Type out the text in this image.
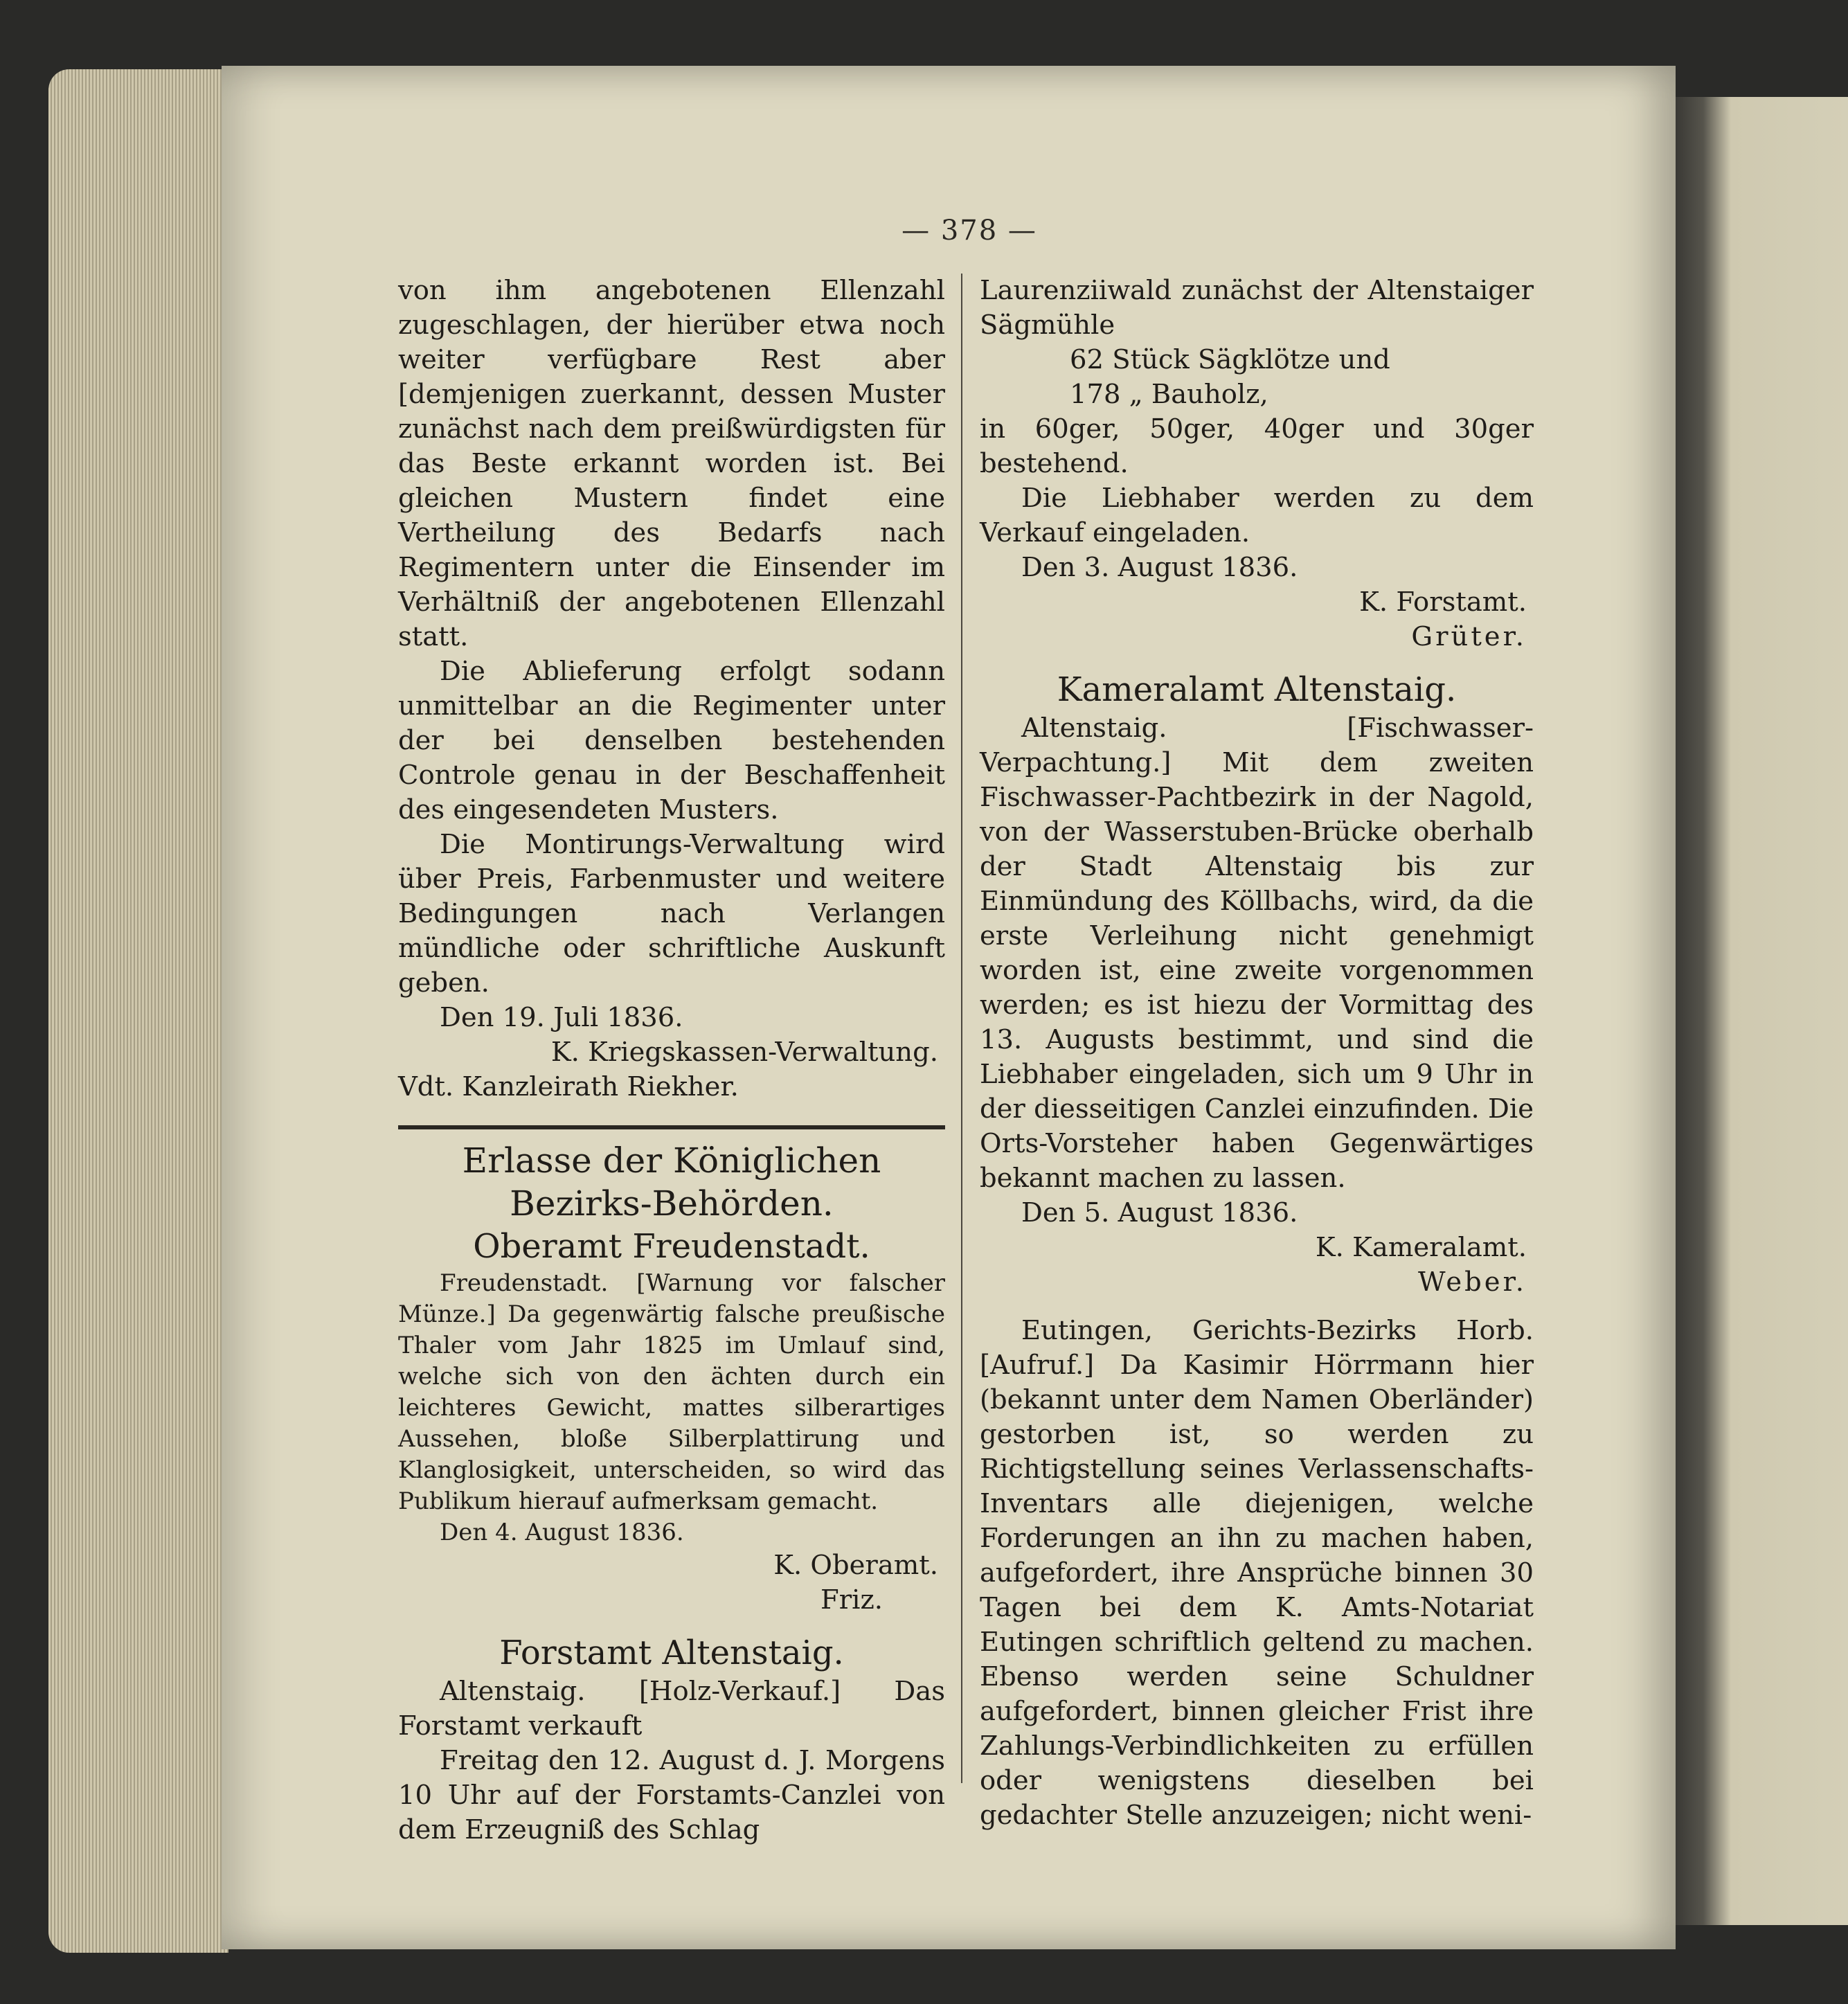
— 378 —

von ihm angebotenen Ellenzahl zugeschlagen, der hierüber etwa noch weiter verfügbare Rest aber [demjenigen zuerkannt, dessen Muster zunächst nach dem preißwürdigsten für das Beste erkannt worden ist. Bei gleichen Mustern findet eine Vertheilung des Bedarfs nach Regimentern unter die Einsender im Verhältniß der angebotenen Ellenzahl statt.

Die Ablieferung erfolgt sodann unmittelbar an die Regimenter unter der bei denselben bestehenden Controle genau in der Beschaffenheit des eingesendeten Musters.

Die Montirungs-Verwaltung wird über Preis, Farbenmuster und weitere Bedingungen nach Verlangen mündliche oder schriftliche Auskunft geben.

Den 19. Juli 1836.

K. Kriegskassen-Verwaltung.

Vdt. Kanzleirath Riekher.

Erlasse der Königlichen Bezirks-Behörden.

Oberamt Freudenstadt.

Freudenstadt. [Warnung vor falscher Münze.] Da gegenwärtig falsche preußische Thaler vom Jahr 1825 im Umlauf sind, welche sich von den ächten durch ein leichteres Gewicht, mattes silberartiges Aussehen, bloße Silberplattirung und Klanglosigkeit, unterscheiden, so wird das Publikum hierauf aufmerksam gemacht.

Den 4. August 1836.

K. Oberamt.

Friz.

Forstamt Altenstaig.

Altenstaig. [Holz-Verkauf.] Das Forstamt verkauft

Freitag den 12. August d. J. Morgens 10 Uhr auf der Forstamts-Canzlei von dem Erzeugniß des Schlag

Laurenziiwald zunächst der Altenstaiger Sägmühle

62 Stück Sägklötze und

178 „ Bauholz,

in 60ger, 50ger, 40ger und 30ger bestehend.

Die Liebhaber werden zu dem Verkauf eingeladen.

Den 3. August 1836.

K. Forstamt.

Grüter.

Kameralamt Altenstaig.

Altenstaig. [Fischwasser-Verpachtung.] Mit dem zweiten Fischwasser-Pachtbezirk in der Nagold, von der Wasserstuben-Brücke oberhalb der Stadt Altenstaig bis zur Einmündung des Köllbachs, wird, da die erste Verleihung nicht genehmigt worden ist, eine zweite vorgenommen werden; es ist hiezu der Vormittag des 13. Augusts bestimmt, und sind die Liebhaber eingeladen, sich um 9 Uhr in der diesseitigen Canzlei einzufinden. Die Orts-Vorsteher haben Gegenwärtiges bekannt machen zu lassen.

Den 5. August 1836.

K. Kameralamt.

Weber.

Eutingen, Gerichts-Bezirks Horb. [Aufruf.] Da Kasimir Hörrmann hier (bekannt unter dem Namen Oberländer) gestorben ist, so werden zu Richtigstellung seines Verlassenschafts-Inventars alle diejenigen, welche Forderungen an ihn zu machen haben, aufgefordert, ihre Ansprüche binnen 30 Tagen bei dem K. Amts-Notariat Eutingen schriftlich geltend zu machen. Ebenso werden seine Schuldner aufgefordert, binnen gleicher Frist ihre Zahlungs-Verbindlichkeiten zu erfüllen oder wenigstens dieselben bei gedachter Stelle anzuzeigen; nicht weni-
